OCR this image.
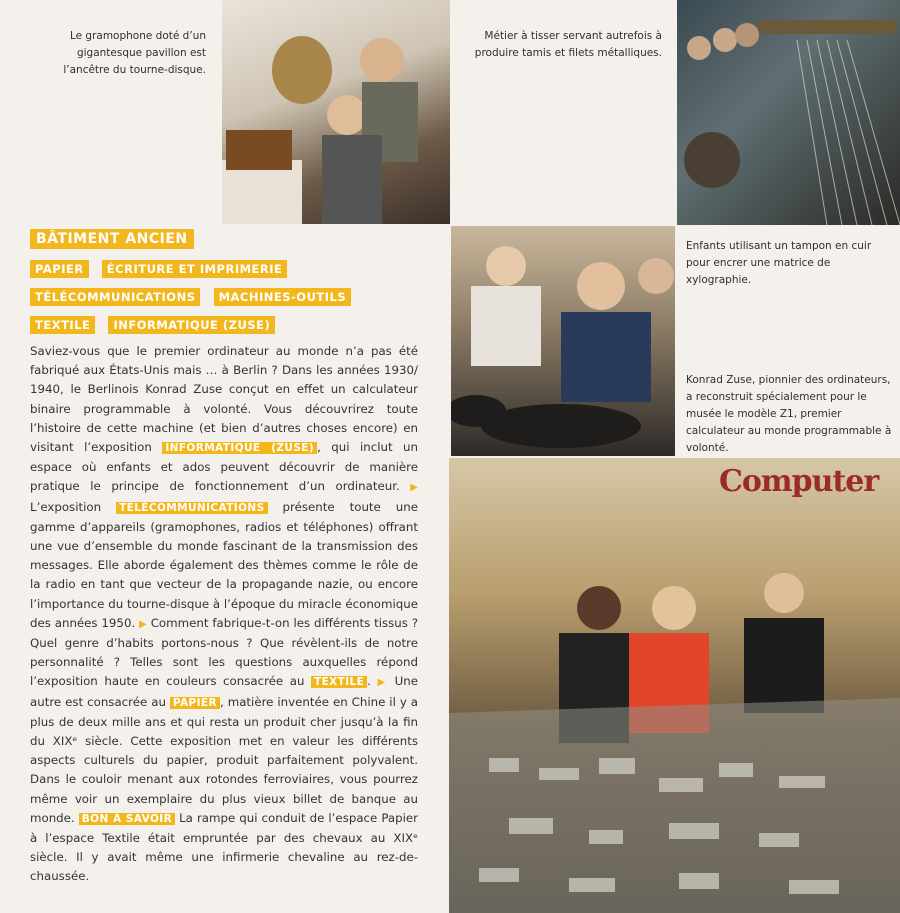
Computer
Le gramophone doté d’un gigantesque pavillon est l’ancêtre du tourne-disque.
Métier à tisser servant autrefois à produire tamis et filets métalliques.
Enfants utilisant un tampon en cuir pour encrer une matrice de xylographie.
Konrad Zuse, pionnier des ordinateurs, a reconstruit spécialement pour le musée le modèle Z1, premier calculateur au monde programmable à volonté.
BÂTIMENT ANCIEN
PAPIER ÉCRITURE ET IMPRIMERIE
TÉLÉCOMMUNICATIONS MACHINES-OUTILS
TEXTILE INFORMATIQUE (ZUSE)
Saviez-vous que le premier ordinateur au monde n’a pas été fabriqué aux États-Unis mais … à Berlin ? Dans les années 1930/ 1940, le Berlinois Konrad Zuse conçut en effet un calculateur binaire programmable à volonté. Vous découvrirez toute l’histoire de cette machine (et bien d’autres choses encore) en visitant l’exposition INFORMATIQUE (ZUSE) , qui inclut un espace où enfants et ados peuvent découvrir de manière pratique le principe de fonctionnement d’un ordinateur. ▶ L’exposition TÉLÉCOMMUNICATIONS présente toute une gamme d’appareils (gramophones, radios et téléphones) offrant une vue d’ensemble du monde fascinant de la transmission des messages. Elle aborde également des thèmes comme le rôle de la radio en tant que vecteur de la propagande nazie, ou encore l’importance du tourne-disque à l’époque du miracle économique des années 1950. ▶ Comment fabrique-t-on les différents tissus ? Quel genre d’habits portons-nous ? Que révèlent-ils de notre personnalité ? Telles sont les questions auxquelles répond l’exposition haute en couleurs consacrée au TEXTILE . ▶ Une autre est consacrée au PAPIER , matière inventée en Chine il y a plus de deux mille ans et qui resta un produit cher jusqu’à la fin du XIXᵉ siècle. Cette exposition met en valeur les différents aspects culturels du papier, produit parfaitement polyvalent. Dans le couloir menant aux rotondes ferroviaires, vous pourrez même voir un exemplaire du plus vieux billet de banque au monde. BON À SAVOIR La rampe qui conduit de l’espace Papier à l’espace Textile était empruntée par des chevaux au XIXᵉ siècle. Il y avait même une infirmerie chevaline au rez-de-chaussée.
